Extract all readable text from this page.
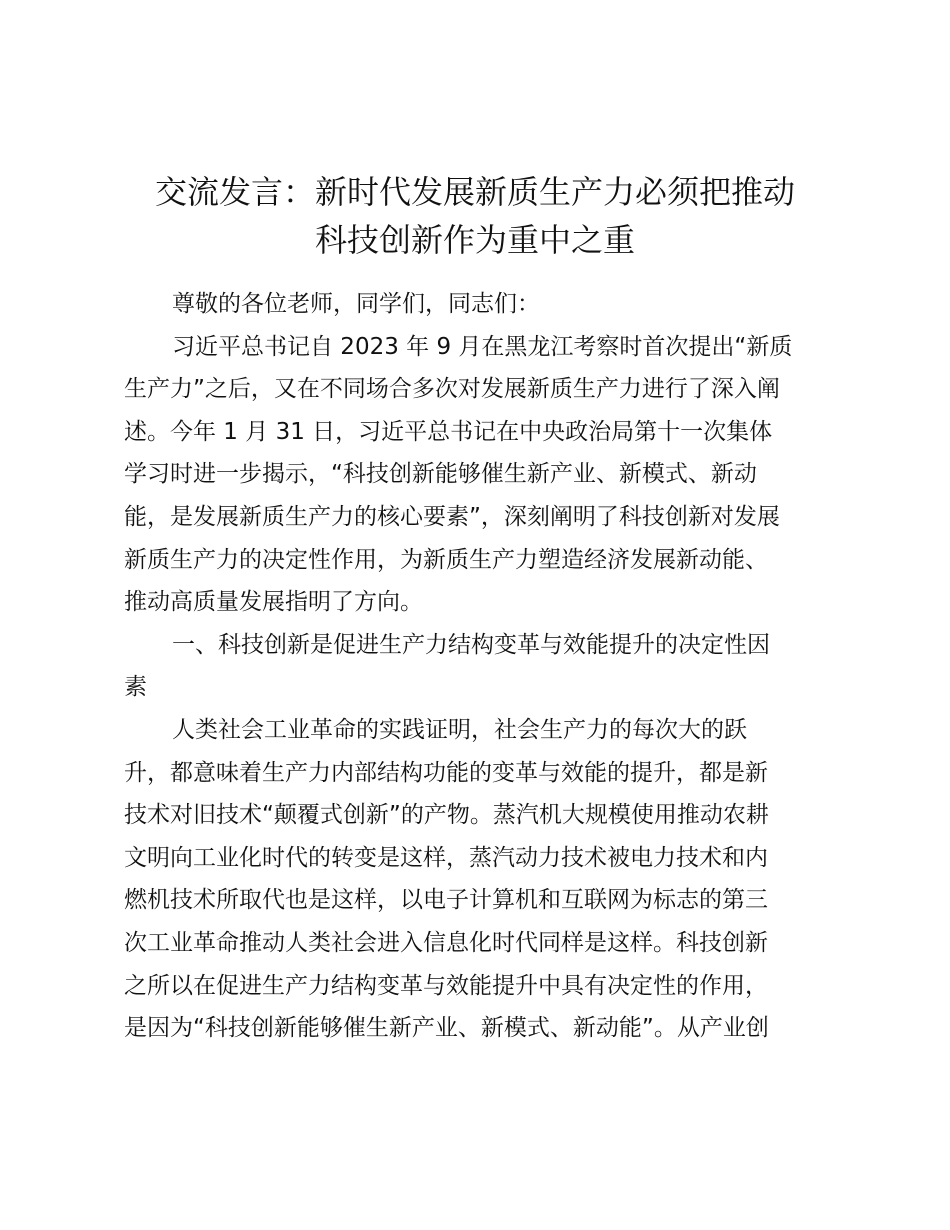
交流发言：新时代发展新质生产力必须把推动
科技创新作为重中之重
尊敬的各位老师，同学们，同志们：
习近平总书记自 2023 年 9 月在黑龙江考察时首次提出“新质
生产力”之后，又在不同场合多次对发展新质生产力进行了深入阐
述。今年 1 月 31 日，习近平总书记在中央政治局第十一次集体
学习时进一步揭示，“科技创新能够催生新产业、新模式、新动
能，是发展新质生产力的核心要素”，深刻阐明了科技创新对发展
新质生产力的决定性作用，为新质生产力塑造经济发展新动能、
推动高质量发展指明了方向。
一、科技创新是促进生产力结构变革与效能提升的决定性因
素
人类社会工业革命的实践证明，社会生产力的每次大的跃
升，都意味着生产力内部结构功能的变革与效能的提升，都是新
技术对旧技术“颠覆式创新”的产物。蒸汽机大规模使用推动农耕
文明向工业化时代的转变是这样，蒸汽动力技术被电力技术和内
燃机技术所取代也是这样，以电子计算机和互联网为标志的第三
次工业革命推动人类社会进入信息化时代同样是这样。科技创新
之所以在促进生产力结构变革与效能提升中具有决定性的作用，
是因为“科技创新能够催生新产业、新模式、新动能”。从产业创
